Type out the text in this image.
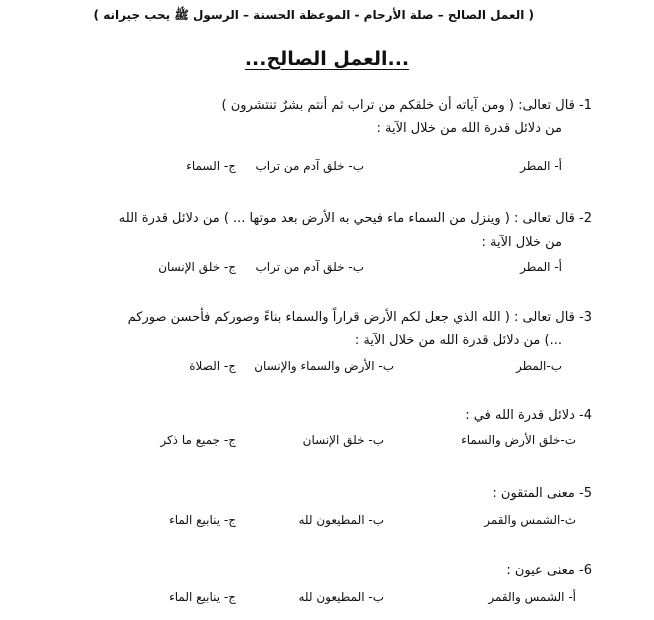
( العمل الصالح – صلة الأرحام - الموعظة الحسنة – الرسول ﷺ يحب جيرانه )
...العمل الصالح...
1- قال تعالى: ( ومن آياته أن خلقكم من تراب ثم أنتم بشرٌ تنتشرون )
من دلائل قدرة الله من خلال الآية :
أ- المطر
ب- خلق آدم من تراب
ج- السماء
2- قال تعالى : ( وينزل من السماء ماء فيحي به الأرض بعد موتها ... ) من دلائل قدرة الله
من خلال الآية :
أ- المطر
ب- خلق آدم من تراب
ج- خلق الإنسان
3- قال تعالى : ( الله الذي جعل لكم الأرض قراراً والسماء بناءً وصوركم فأحسن صوركم
...) من دلائل قدرة الله من خلال الآية :
ب-المطر
ب- الأرض والسماء والإنسان
ج- الصلاة
4- دلائل قدرة الله في :
ت-خلق الأرض والسماء
ب- خلق الإنسان
ج- جميع ما ذكر
5- معنى المتقون :
ث-الشمس والقمر
ب- المطيعون لله
ج- ينابيع الماء
6- معنى عيون :
أ- الشمس والقمر
ب- المطيعون لله
ج- ينابيع الماء
